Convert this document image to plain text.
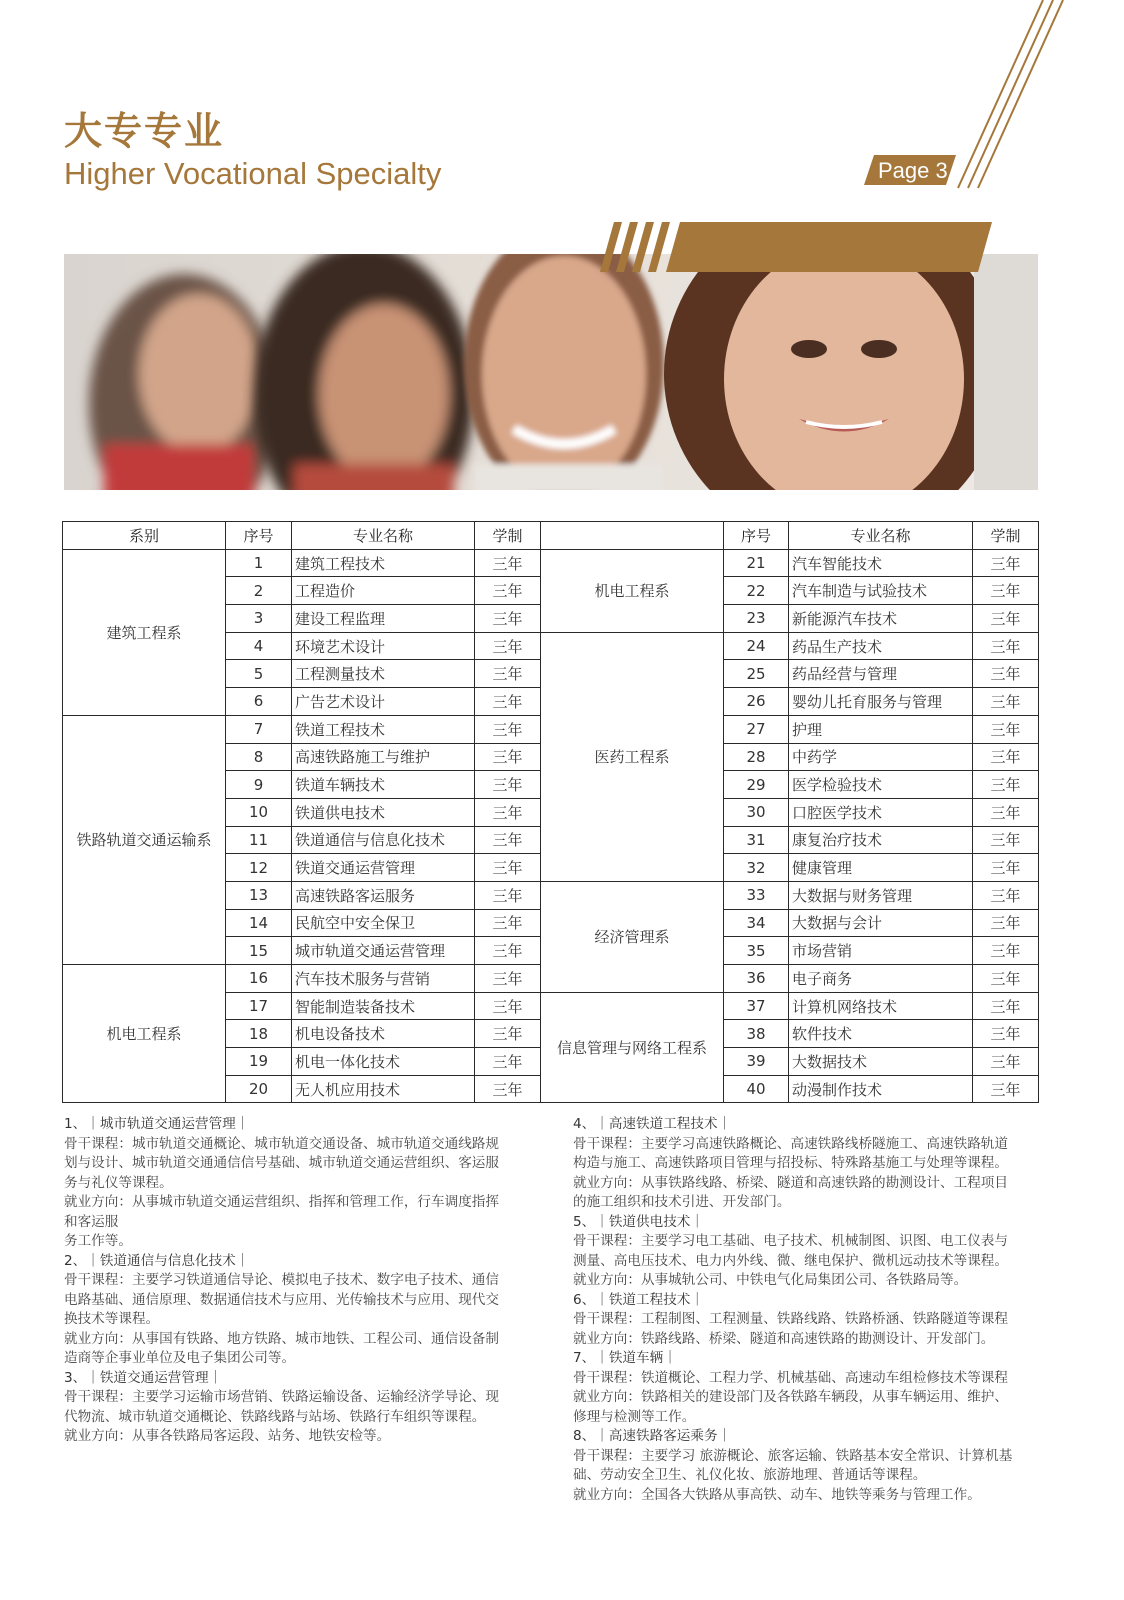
大专专业
Higher Vocational Specialty	Page 3
系别	序号	专业名称	学制		序号	专业名称	学制
建筑工程系	1	建筑工程技术	三年	机电工程系	21	汽车智能技术	三年
	2	工程造价	三年		22	汽车制造与试验技术	三年
	3	建设工程监理	三年		23	新能源汽车技术	三年
	4	环境艺术设计	三年	医药工程系	24	药品生产技术	三年
	5	工程测量技术	三年		25	药品经营与管理	三年
	6	广告艺术设计	三年		26	婴幼儿托育服务与管理	三年
铁路轨道交通运输系	7	铁道工程技术	三年		27	护理	三年
	8	高速铁路施工与维护	三年		28	中药学	三年
	9	铁道车辆技术	三年		29	医学检验技术	三年
	10	铁道供电技术	三年		30	口腔医学技术	三年
	11	铁道通信与信息化技术	三年		31	康复治疗技术	三年
	12	铁道交通运营管理	三年		32	健康管理	三年
	13	高速铁路客运服务	三年	经济管理系	33	大数据与财务管理	三年
	14	民航空中安全保卫	三年		34	大数据与会计	三年
	15	城市轨道交通运营管理	三年		35	市场营销	三年
机电工程系	16	汽车技术服务与营销	三年		36	电子商务	三年
	17	智能制造装备技术	三年	信息管理与网络工程系	37	计算机网络技术	三年
	18	机电设备技术	三年		38	软件技术	三年
	19	机电一体化技术	三年		39	大数据技术	三年
	20	无人机应用技术	三年		40	动漫制作技术	三年

1、｜城市轨道交通运营管理｜

骨干课程：城市轨道交通概论、城市轨道交通设备、城市轨道交通线路规

划与设计、城市轨道交通通信信号基础、城市轨道交通运营组织、客运服

务与礼仪等课程。

就业方向：从事城市轨道交通运营组织、指挥和管理工作，行车调度指挥

和客运服

务工作等。

2、｜铁道通信与信息化技术｜

骨干课程：主要学习铁道通信导论、模拟电子技术、数字电子技术、通信

电路基础、通信原理、数据通信技术与应用、光传输技术与应用、现代交

换技术等课程。

就业方向：从事国有铁路、地方铁路、城市地铁、工程公司、通信设备制

造商等企事业单位及电子集团公司等。

3、｜铁道交通运营管理｜

骨干课程：主要学习运输市场营销、铁路运输设备、运输经济学导论、现

代物流、城市轨道交通概论、铁路线路与站场、铁路行车组织等课程。

就业方向：从事各铁路局客运段、站务、地铁安检等。

4、｜高速铁道工程技术｜

骨干课程：主要学习高速铁路概论、高速铁路线桥隧施工、高速铁路轨道

构造与施工、高速铁路项目管理与招投标、特殊路基施工与处理等课程。

就业方向：从事铁路线路、桥梁、隧道和高速铁路的勘测设计、工程项目

的施工组织和技术引进、开发部门。

5、｜铁道供电技术｜

骨干课程：主要学习电工基础、电子技术、机械制图、识图、电工仪表与

测量、高电压技术、电力内外线、微、继电保护、微机远动技术等课程。

就业方向：从事城轨公司、中铁电气化局集团公司、各铁路局等。

6、｜铁道工程技术｜

骨干课程：工程制图、工程测量、铁路线路、铁路桥涵、铁路隧道等课程

就业方向：铁路线路、桥梁、隧道和高速铁路的勘测设计、开发部门。

7、｜铁道车辆｜

骨干课程：铁道概论、工程力学、机械基础、高速动车组检修技术等课程

就业方向：铁路相关的建设部门及各铁路车辆段，从事车辆运用、维护、

修理与检测等工作。

8、｜高速铁路客运乘务｜

骨干课程：主要学习 旅游概论、旅客运输、铁路基本安全常识、计算机基

础、劳动安全卫生、礼仪化妆、旅游地理、普通话等课程。

就业方向：全国各大铁路从事高铁、动车、地铁等乘务与管理工作。
